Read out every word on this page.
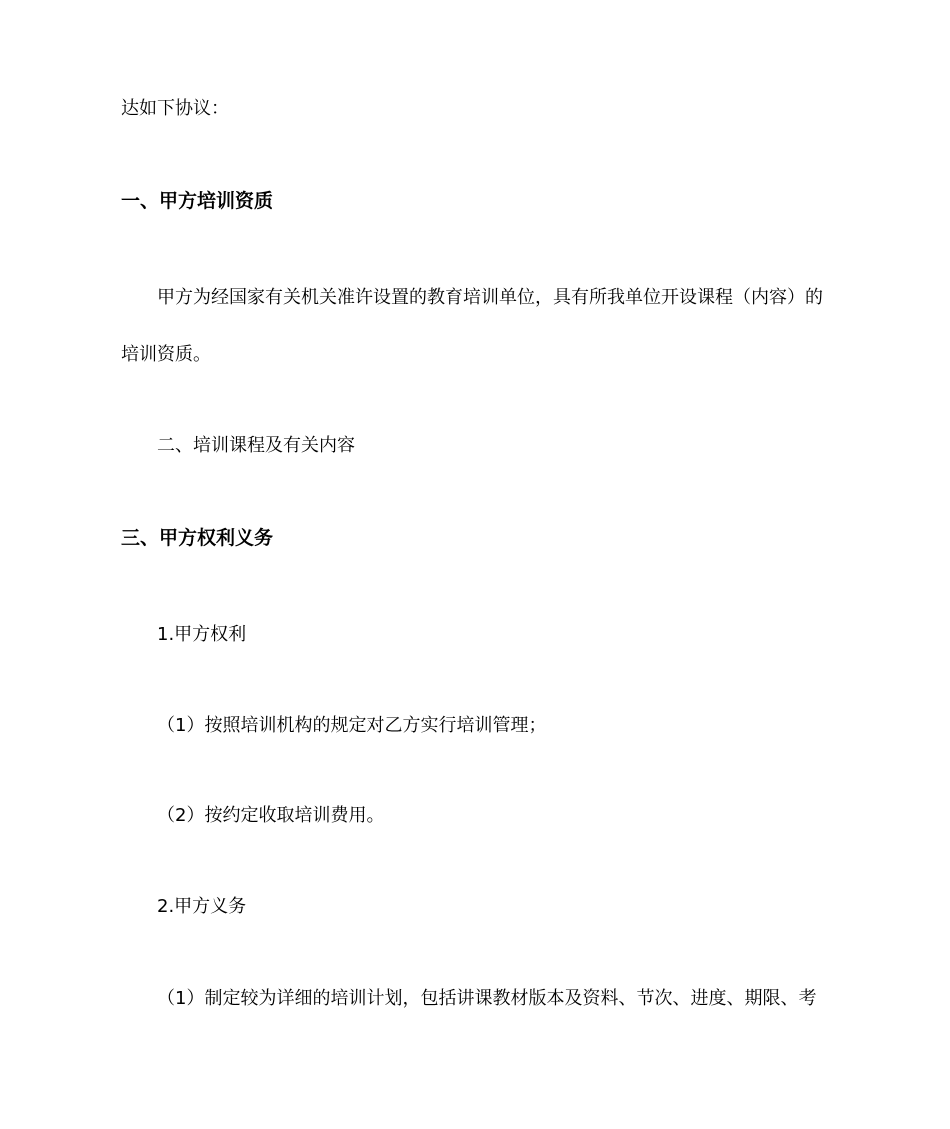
达如下协议：
一、甲方培训资质
甲方为经国家有关机关准许设置的教育培训单位，具有所我单位开设课程（内容）的
培训资质。
二、培训课程及有关内容
三、甲方权利义务
1.甲方权利
（1）按照培训机构的规定对乙方实行培训管理；
（2）按约定收取培训费用。
2.甲方义务
（1）制定较为详细的培训计划，包括讲课教材版本及资料、节次、进度、期限、考
